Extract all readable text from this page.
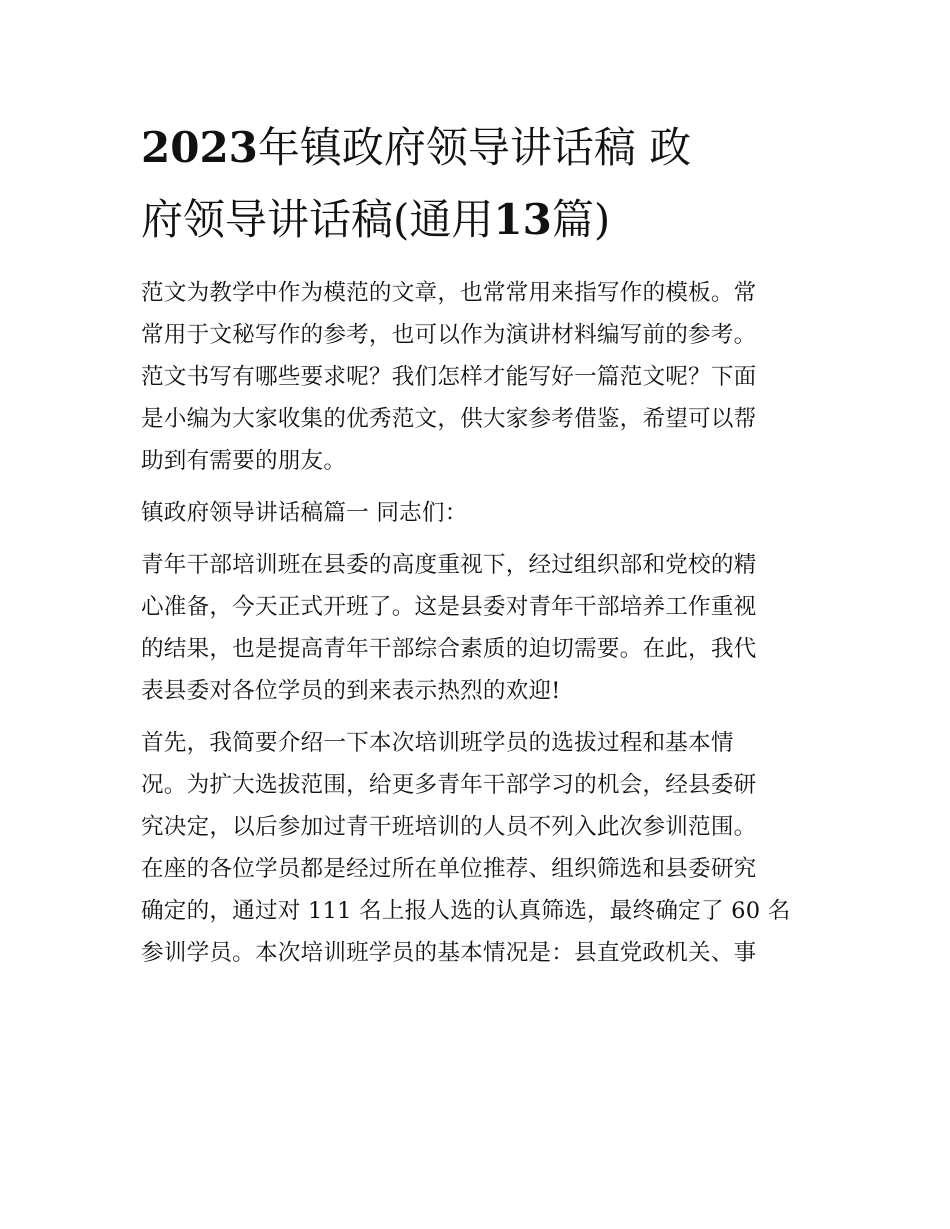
2023年镇政府领导讲话稿 政
府领导讲话稿(通用13篇)

范文为教学中作为模范的文章，也常常用来指写作的模板。常
常用于文秘写作的参考，也可以作为演讲材料编写前的参考。
范文书写有哪些要求呢？我们怎样才能写好一篇范文呢？下面
是小编为大家收集的优秀范文，供大家参考借鉴，希望可以帮
助到有需要的朋友。

镇政府领导讲话稿篇一 同志们：

青年干部培训班在县委的高度重视下，经过组织部和党校的精
心准备，今天正式开班了。这是县委对青年干部培养工作重视
的结果，也是提高青年干部综合素质的迫切需要。在此，我代
表县委对各位学员的到来表示热烈的欢迎!

首先，我简要介绍一下本次培训班学员的选拔过程和基本情
况。为扩大选拔范围，给更多青年干部学习的机会，经县委研
究决定，以后参加过青干班培训的人员不列入此次参训范围。
在座的各位学员都是经过所在单位推荐、组织筛选和县委研究
确定的，通过对 111 名上报人选的认真筛选，最终确定了 60 名
参训学员。本次培训班学员的基本情况是：县直党政机关、事
